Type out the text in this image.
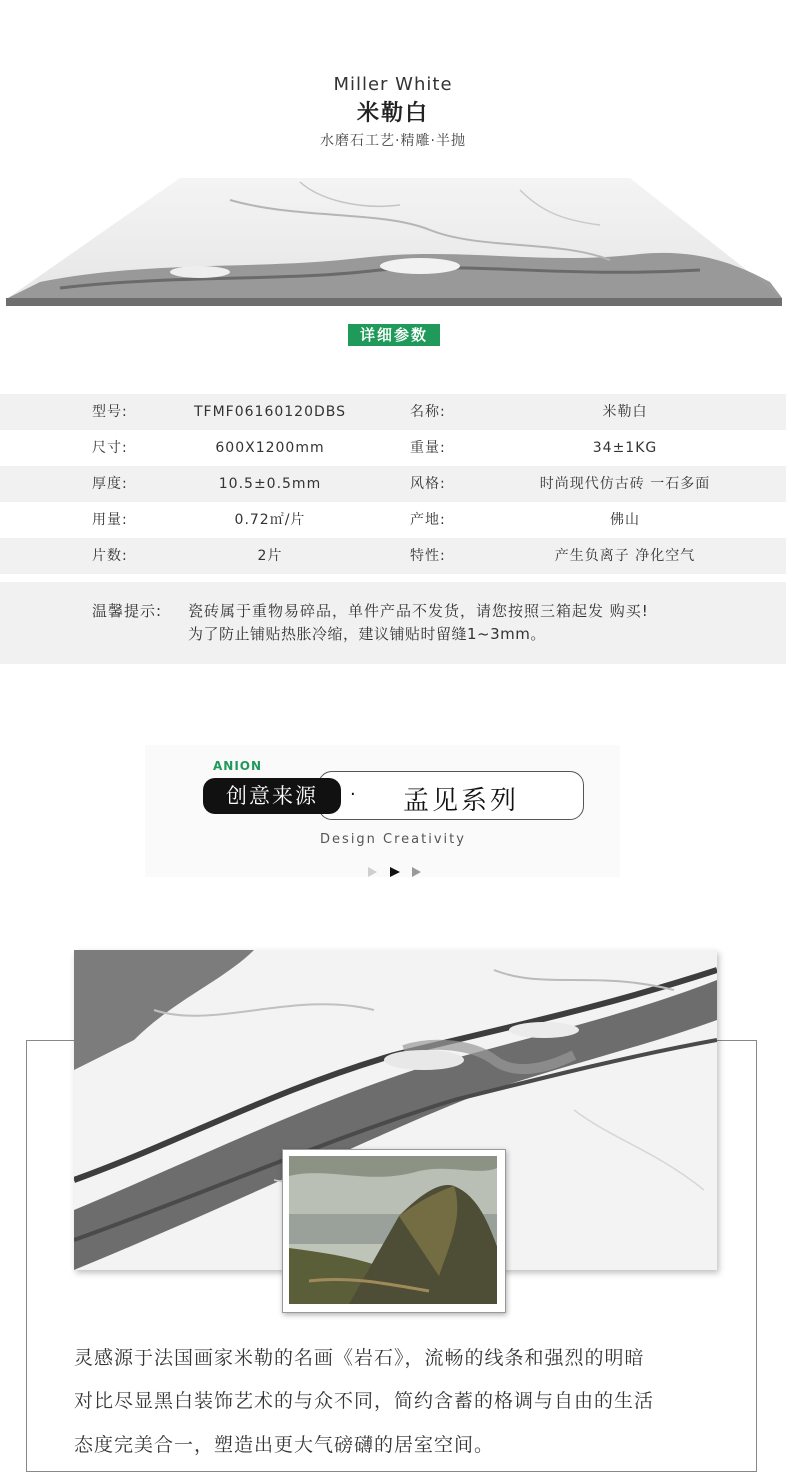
Miller White
米勒白
水磨石工艺·精雕·半抛
详细参数
型号:	TFMF06160120DBS	名称:	米勒白
尺寸:	600X1200mm	重量:	34±1KG
厚度:	10.5±0.5mm	风格:	时尚现代仿古砖 一石多面
用量:	0.72㎡/片	产地:	佛山
片数:	2片	特性:	产生负离子 净化空气
温馨提示: 瓷砖属于重物易碎品，单件产品不发货，请您按照三箱起发 购买!
为了防止铺贴热胀冷缩，建议铺贴时留缝1~3mm。
ANION
创意来源	· 孟见系列
Design Creativity
灵感源于法国画家米勒的名画《岩石》，流畅的线条和强烈的明暗
对比尽显黑白装饰艺术的与众不同，简约含蓄的格调与自由的生活
态度完美合一，塑造出更大气磅礴的居室空间。
